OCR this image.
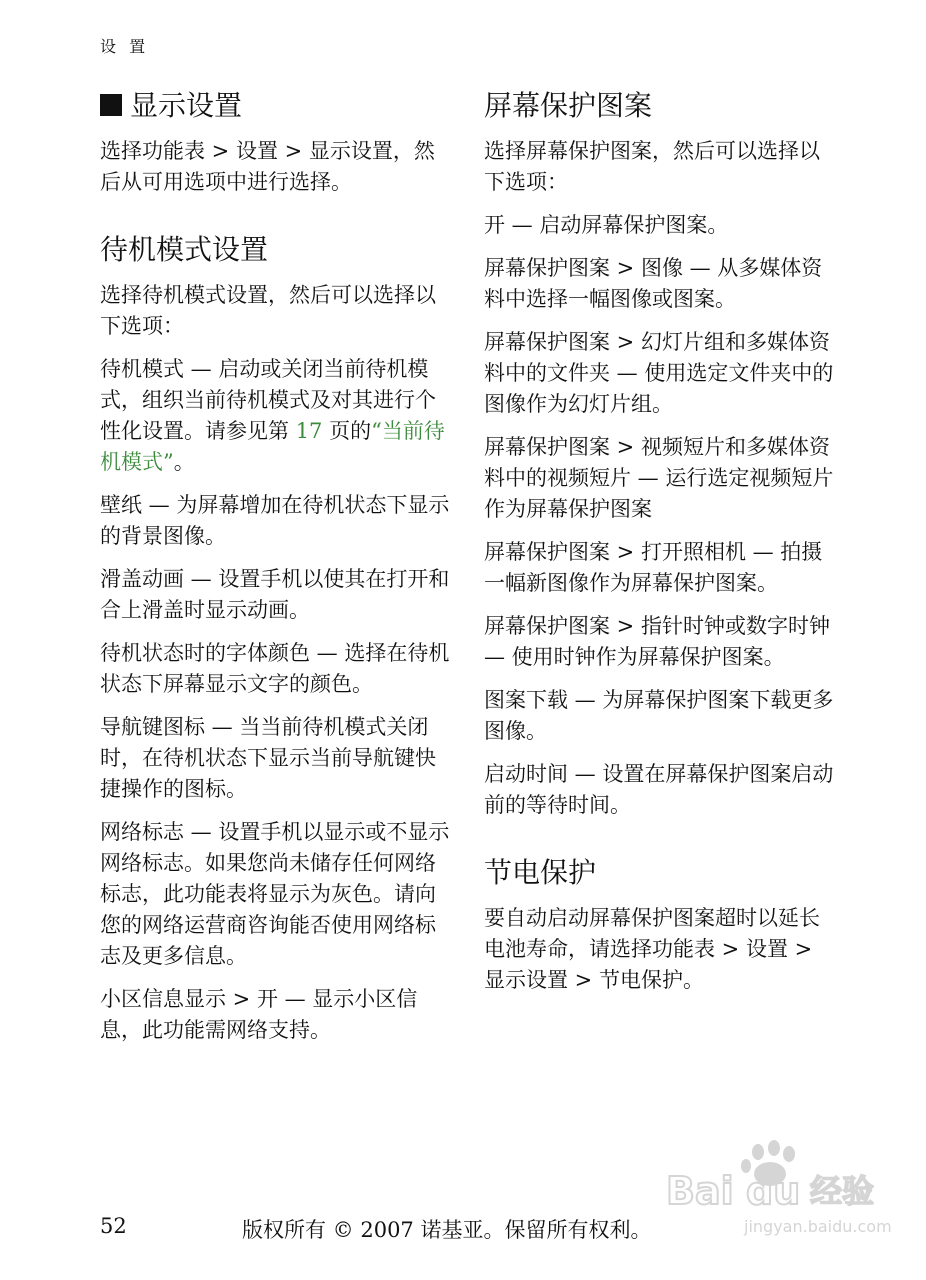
设 置
显示设置

选择功能表 > 设置 > 显示设置，然后从可用选项中进行选择。

待机模式设置

选择待机模式设置，然后可以选择以下选项：

待机模式 — 启动或关闭当前待机模式，组织当前待机模式及对其进行个性化设置。请参见第 17 页的“当前待机模式”。

壁纸 — 为屏幕增加在待机状态下显示的背景图像。

滑盖动画 — 设置手机以使其在打开和合上滑盖时显示动画。

待机状态时的字体颜色 — 选择在待机状态下屏幕显示文字的颜色。

导航键图标 — 当当前待机模式关闭时，在待机状态下显示当前导航键快捷操作的图标。

网络标志 — 设置手机以显示或不显示网络标志。如果您尚未储存任何网络标志，此功能表将显示为灰色。请向您的网络运营商咨询能否使用网络标志及更多信息。

小区信息显示 > 开 — 显示小区信息，此功能需网络支持。

屏幕保护图案

选择屏幕保护图案，然后可以选择以下选项：

开 — 启动屏幕保护图案。

屏幕保护图案 > 图像 — 从多媒体资料中选择一幅图像或图案。

屏幕保护图案 > 幻灯片组和多媒体资料中的文件夹 — 使用选定文件夹中的图像作为幻灯片组。

屏幕保护图案 > 视频短片和多媒体资料中的视频短片 — 运行选定视频短片作为屏幕保护图案

屏幕保护图案 > 打开照相机 — 拍摄一幅新图像作为屏幕保护图案。

屏幕保护图案 > 指针时钟或数字时钟 — 使用时钟作为屏幕保护图案。

图案下载 — 为屏幕保护图案下载更多图像。

启动时间 — 设置在屏幕保护图案启动前的等待时间。

节电保护

要自动启动屏幕保护图案超时以延长电池寿命，请选择功能表 > 设置 > 显示设置 > 节电保护。

52	版权所有 © 2007 诺基亚。保留所有权利。
Bai du 经验
jingyan.baidu.com
